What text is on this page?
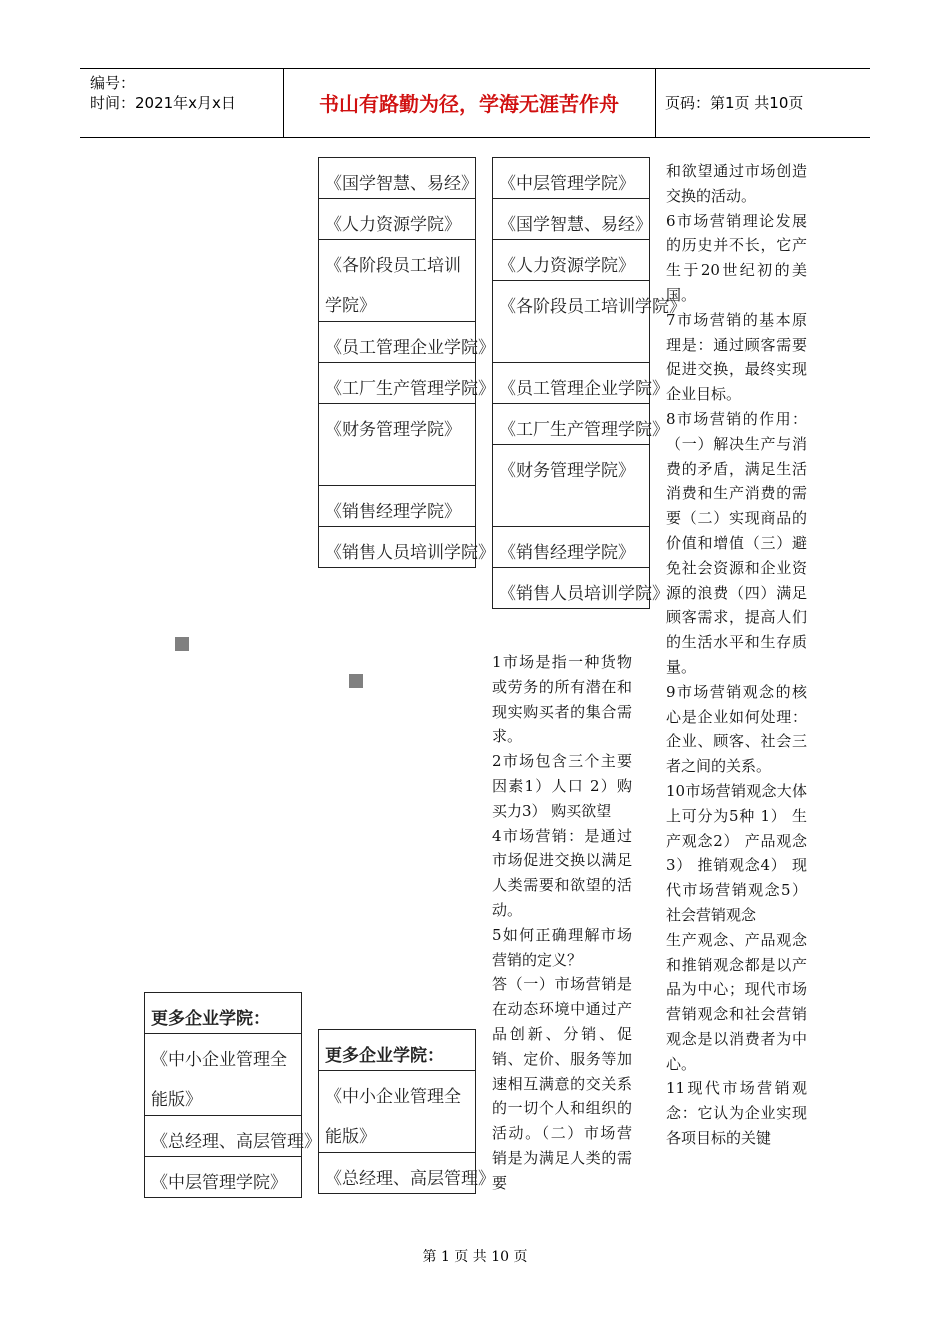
编号：
时间：2021年x月x日	书山有路勤为径，学海无涯苦作舟	页码：第1页 共10页
《国学智慧、易经》
《人力资源学院》
《各阶段员工培训学院》
《员工管理企业学院》
《工厂生产管理学院》
《财务管理学院》
《销售经理学院》
《销售人员培训学院》
《中层管理学院》
《国学智慧、易经》
《人力资源学院》
《各阶段员工培训学院》
《员工管理企业学院》
《工厂生产管理学院》
《财务管理学院》
《销售经理学院》
《销售人员培训学院》
更多企业学院：
《中小企业管理全能版》
《总经理、高层管理》
《中层管理学院》
更多企业学院：
《中小企业管理全能版》
《总经理、高层管理》

1市场是指一种货物或劳务的所有潜在和现实购买者的集合需求。

2市场包含三个主要因素1）人口 2）购买力3） 购买欲望

4市场营销：是通过市场促进交换以满足人类需要和欲望的活动。

5如何正确理解市场营销的定义？

答（一）市场营销是在动态环境中通过产品创新、分销、促销、定价、服务等加速相互满意的交关系的一切个人和组织的活动。（二）市场营销是为满足人类的需要

和欲望通过市场创造交换的活动。

6市场营销理论发展的历史并不长，它产生于20世纪初的美国。

7市场营销的基本原理是：通过顾客需要促进交换，最终实现企业目标。

8市场营销的作用：（一）解决生产与消费的矛盾，满足生活消费和生产消费的需要（二）实现商品的价值和增值（三）避免社会资源和企业资源的浪费（四）满足顾客需求，提高人们的生活水平和生存质量。

9市场营销观念的核心是企业如何处理：企业、顾客、社会三者之间的关系。

10市场营销观念大体上可分为5种 1） 生产观念2） 产品观念3） 推销观念4） 现代市场营销观念5） 社会营销观念

生产观念、产品观念和推销观念都是以产品为中心；现代市场营销观念和社会营销观念是以消费者为中心。

11现代市场营销观念：它认为企业实现各项目标的关键

第 1 页 共 10 页
